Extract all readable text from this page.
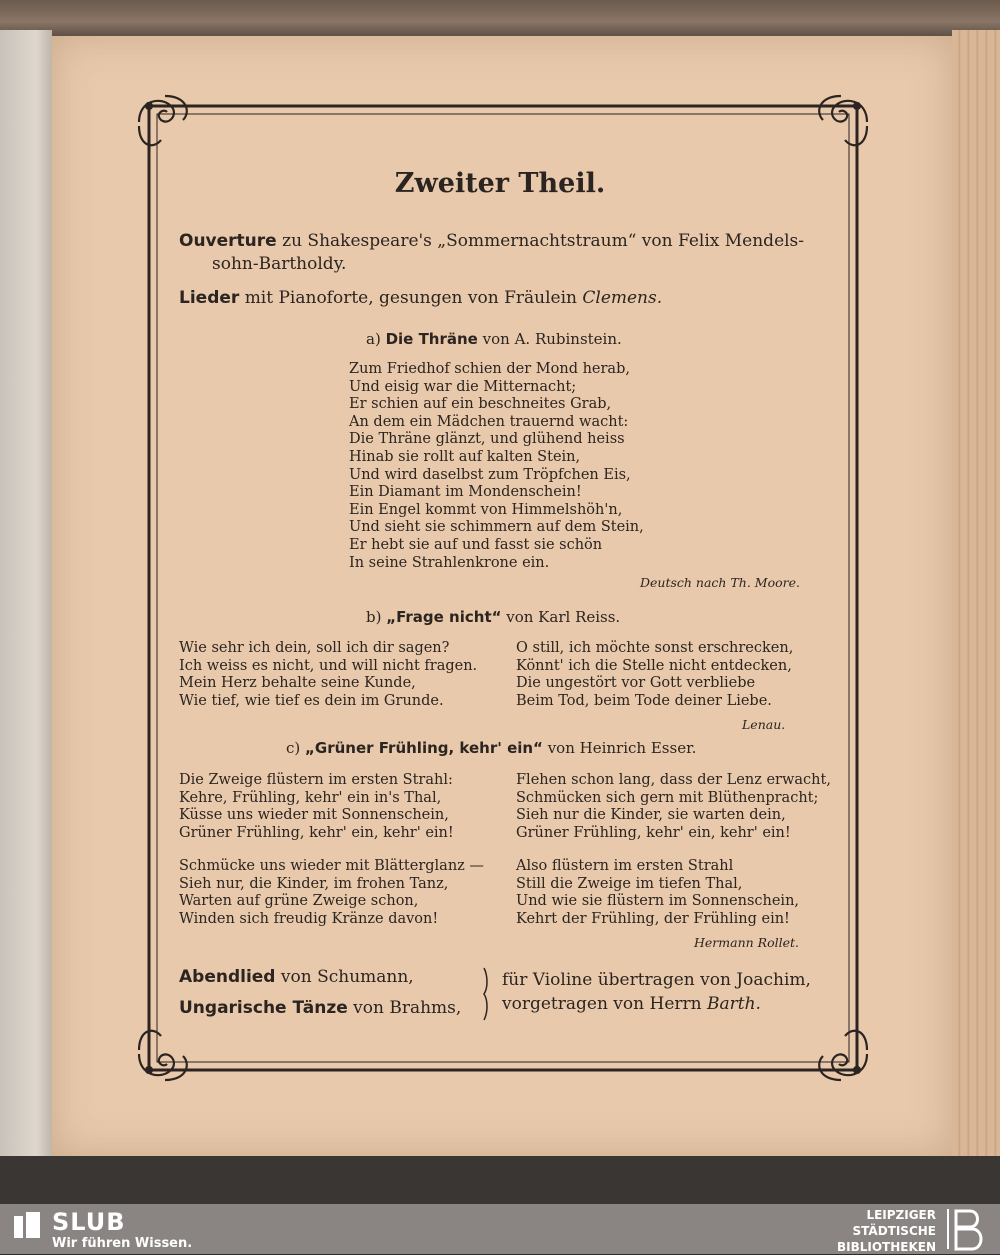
Zweiter Theil.
Ouverture zu Shakespeare's „Sommernachtstraum“ von Felix Mendels-
sohn-Bartholdy.
Lieder mit Pianoforte, gesungen von Fräulein Clemens.
a) Die Thräne von A. Rubinstein.
Zum Friedhof schien der Mond herab,
Und eisig war die Mitternacht;
Er schien auf ein beschneites Grab,
An dem ein Mädchen trauernd wacht:
Die Thräne glänzt, und glühend heiss
Hinab sie rollt auf kalten Stein,
Und wird daselbst zum Tröpfchen Eis,
Ein Diamant im Mondenschein!
Ein Engel kommt von Himmelshöh'n,
Und sieht sie schimmern auf dem Stein,
Er hebt sie auf und fasst sie schön
In seine Strahlenkrone ein.
Deutsch nach Th. Moore.
b) „Frage nicht“ von Karl Reiss.
Wie sehr ich dein, soll ich dir sagen?
Ich weiss es nicht, und will nicht fragen.
Mein Herz behalte seine Kunde,
Wie tief, wie tief es dein im Grunde.
O still, ich möchte sonst erschrecken,
Könnt' ich die Stelle nicht entdecken,
Die ungestört vor Gott verbliebe
Beim Tod, beim Tode deiner Liebe.
Lenau.
c) „Grüner Frühling, kehr' ein“ von Heinrich Esser.
Die Zweige flüstern im ersten Strahl:
Kehre, Frühling, kehr' ein in's Thal,
Küsse uns wieder mit Sonnenschein,
Grüner Frühling, kehr' ein, kehr' ein!
Flehen schon lang, dass der Lenz erwacht,
Schmücken sich gern mit Blüthenpracht;
Sieh nur die Kinder, sie warten dein,
Grüner Frühling, kehr' ein, kehr' ein!
Schmücke uns wieder mit Blätterglanz —
Sieh nur, die Kinder, im frohen Tanz,
Warten auf grüne Zweige schon,
Winden sich freudig Kränze davon!
Also flüstern im ersten Strahl
Still die Zweige im tiefen Thal,
Und wie sie flüstern im Sonnenschein,
Kehrt der Frühling, der Frühling ein!
Hermann Rollet.
Abendlied von Schumann,
Ungarische Tänze von Brahms,
für Violine übertragen von Joachim,
vorgetragen von Herrn Barth.
SLUB
Wir führen Wissen.
LEIPZIGER
STÄDTISCHE
BIBLIOTHEKEN
